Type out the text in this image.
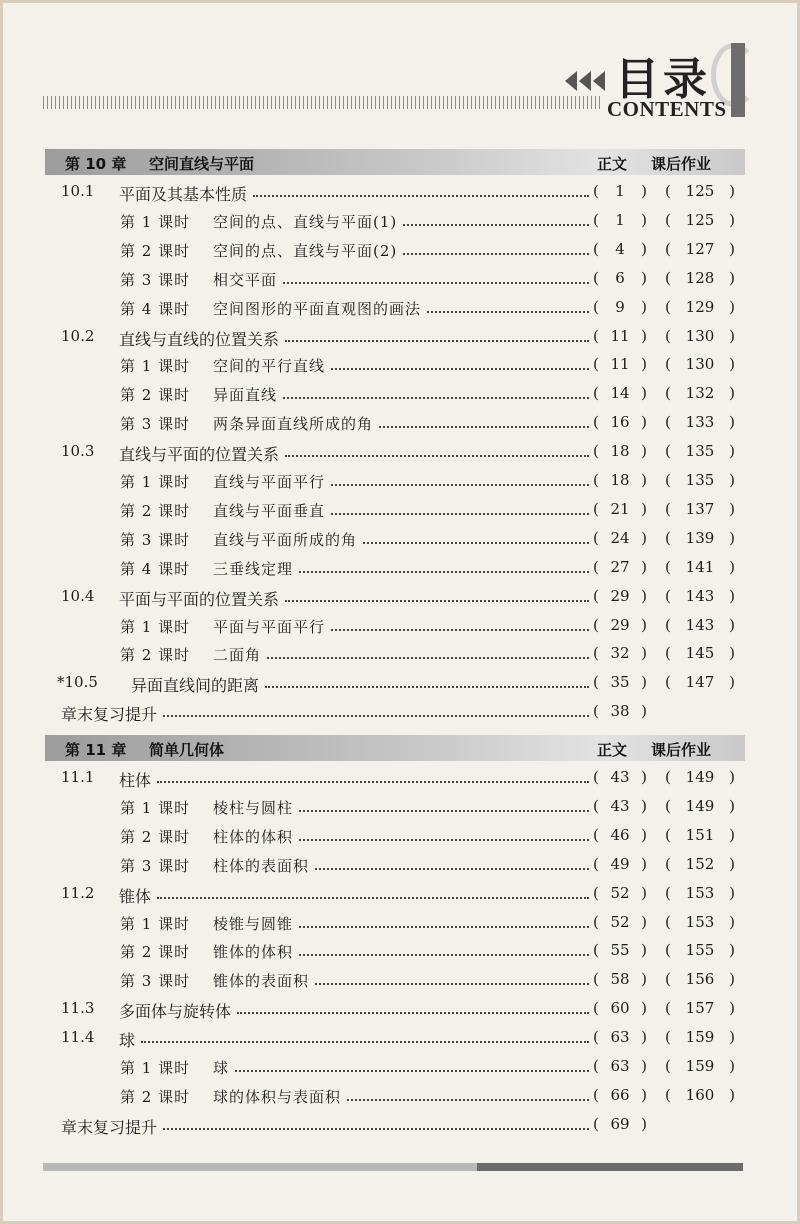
目录
CONTENTS
第 10 章 空间直线与平面	正文 课后作业
10.1 平面及其基本性质	(	1	) ( 125 )
第 1 课时 空间的点、直线与平面(1)	(	1	) ( 125 )
第 2 课时 空间的点、直线与平面(2)	(	4	) ( 127 )
第 3 课时 相交平面	(	6	) ( 128 )
第 4 课时 空间图形的平面直观图的画法	(	9	) ( 129 )
10.2 直线与直线的位置关系	( 11 ) ( 130 )
第 1 课时 空间的平行直线	( 11 ) ( 130 )
第 2 课时 异面直线	( 14 ) ( 132 )
第 3 课时 两条异面直线所成的角	( 16 ) ( 133 )
10.3 直线与平面的位置关系	( 18 ) ( 135 )
第 1 课时 直线与平面平行	( 18 ) ( 135 )
第 2 课时 直线与平面垂直	( 21 ) ( 137 )
第 3 课时 直线与平面所成的角	( 24 ) ( 139 )
第 4 课时 三垂线定理	( 27 ) ( 141 )
10.4 平面与平面的位置关系	( 29 ) ( 143 )
第 1 课时 平面与平面平行	( 29 ) ( 143 )
第 2 课时 二面角	( 32 ) ( 145 )
*10.5 异面直线间的距离	( 35 ) ( 147 )
章末复习提升	( 38 )
第 11 章 简单几何体	正文 课后作业
11.1 柱体	( 43 ) ( 149 )
第 1 课时 棱柱与圆柱	( 43 ) ( 149 )
第 2 课时 柱体的体积	( 46 ) ( 151 )
第 3 课时 柱体的表面积	( 49 ) ( 152 )
11.2 锥体	( 52 ) ( 153 )
第 1 课时 棱锥与圆锥	( 52 ) ( 153 )
第 2 课时 锥体的体积	( 55 ) ( 155 )
第 3 课时 锥体的表面积	( 58 ) ( 156 )
11.3 多面体与旋转体	( 60 ) ( 157 )
11.4 球	( 63 ) ( 159 )
第 1 课时 球	( 63 ) ( 159 )
第 2 课时 球的体积与表面积	( 66 ) ( 160 )
章末复习提升	( 69 )
